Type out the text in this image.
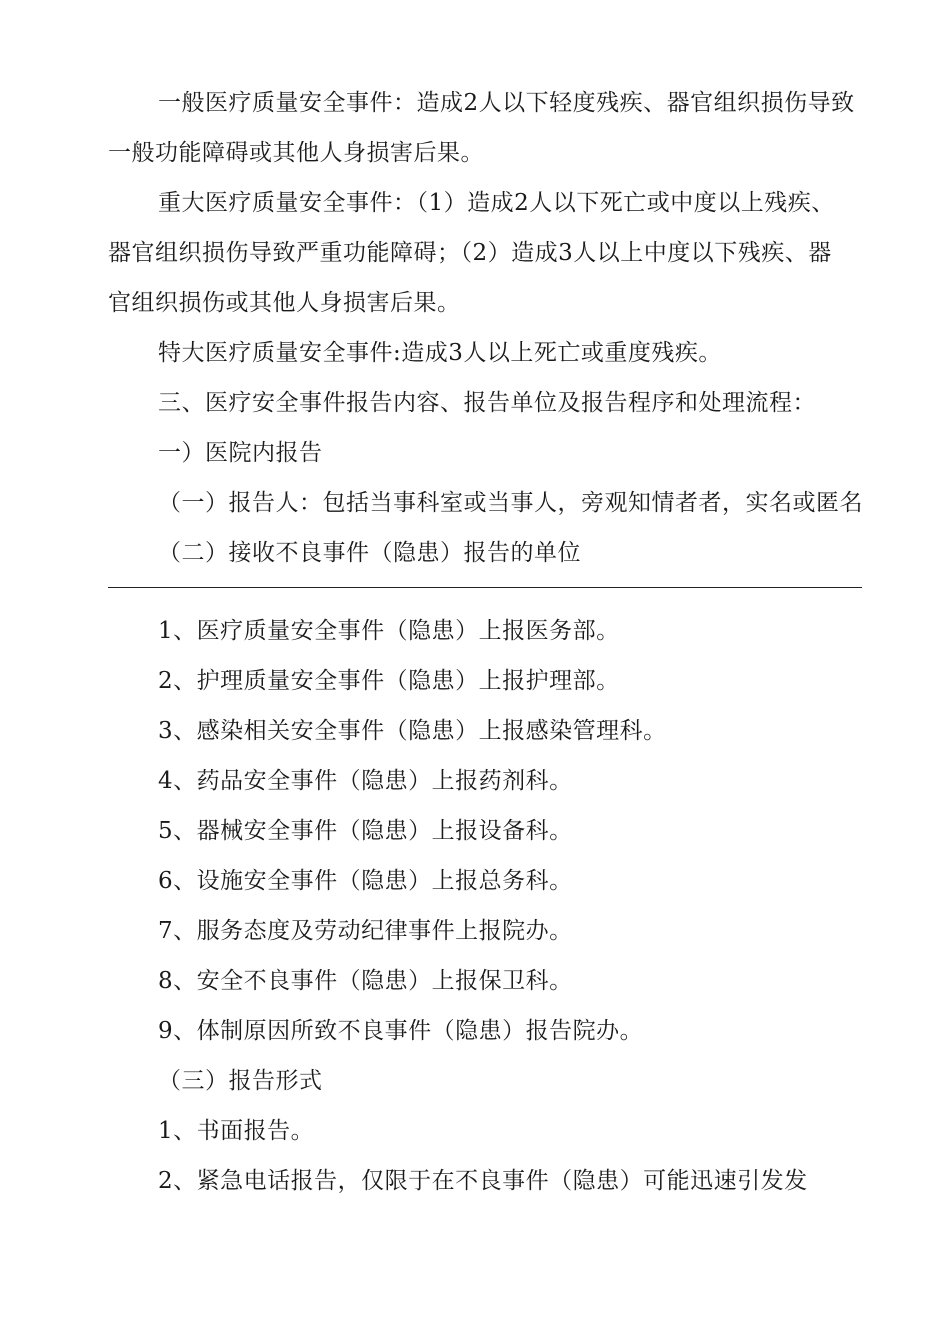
一般医疗质量安全事件：造成2人以下轻度残疾、器官组织损伤导致
一般功能障碍或其他人身损害后果。
重大医疗质量安全事件：（1）造成2人以下死亡或中度以上残疾、
器官组织损伤导致严重功能障碍；（2）造成3人以上中度以下残疾、器
官组织损伤或其他人身损害后果。
特大医疗质量安全事件:造成3人以上死亡或重度残疾。
三、医疗安全事件报告内容、报告单位及报告程序和处理流程：
一）医院内报告
（一）报告人：包括当事科室或当事人，旁观知情者者，实名或匿名
（二）接收不良事件（隐患）报告的单位
1、医疗质量安全事件（隐患）上报医务部。
2、护理质量安全事件（隐患）上报护理部。
3、感染相关安全事件（隐患）上报感染管理科。
4、药品安全事件（隐患）上报药剂科。
5、器械安全事件（隐患）上报设备科。
6、设施安全事件（隐患）上报总务科。
7、服务态度及劳动纪律事件上报院办。
8、安全不良事件（隐患）上报保卫科。
9、体制原因所致不良事件（隐患）报告院办。
（三）报告形式
1、书面报告。
2、紧急电话报告，仅限于在不良事件（隐患）可能迅速引发发
